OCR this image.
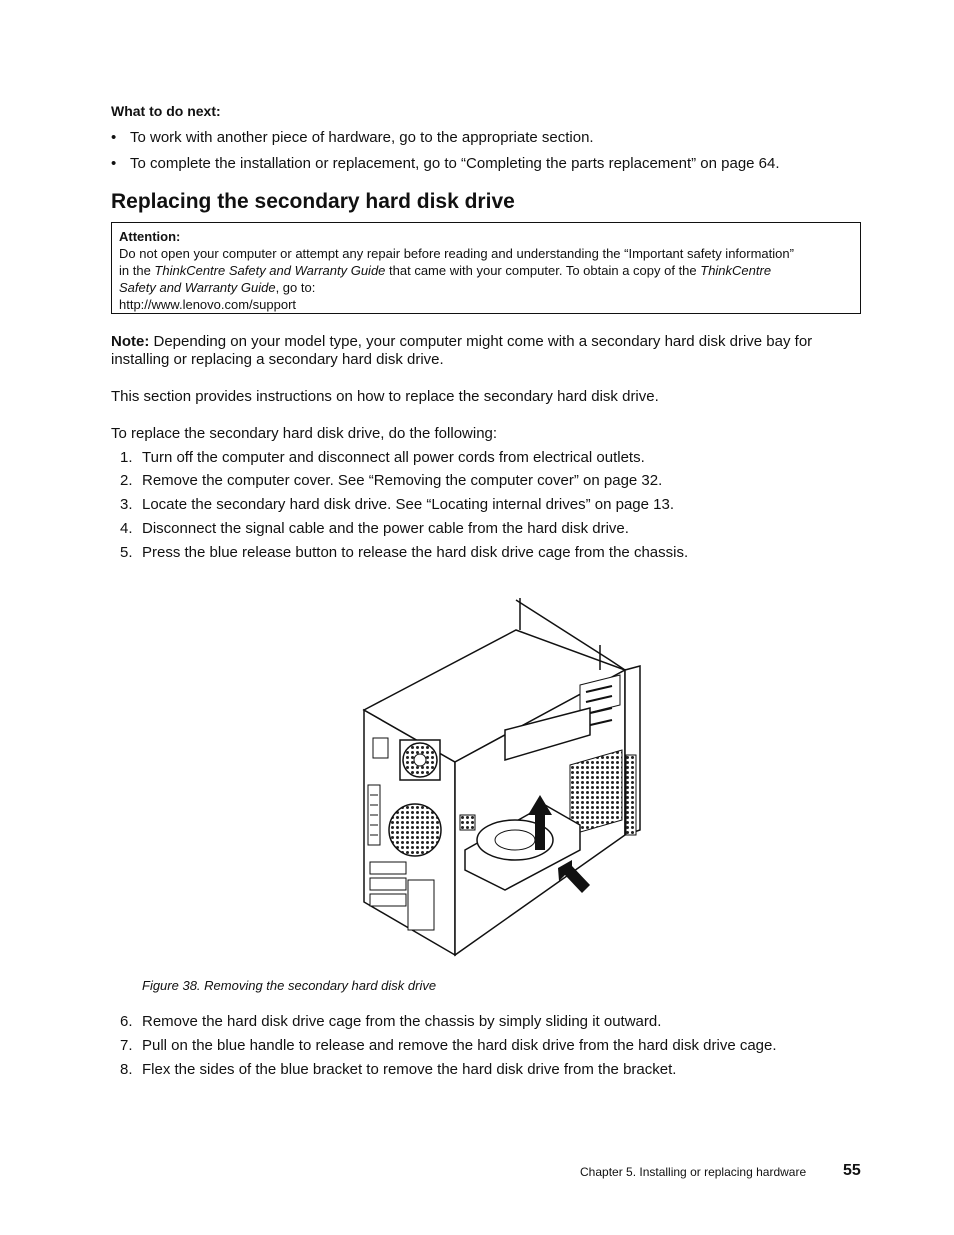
What to do next:
• To work with another piece of hardware, go to the appropriate section.
• To complete the installation or replacement, go to “Completing the parts replacement” on page 64.
Replacing the secondary hard disk drive
Attention:
Do not open your computer or attempt any repair before reading and understanding the “Important safety information”
in the ThinkCentre Safety and Warranty Guide that came with your computer. To obtain a copy of the ThinkCentre
Safety and Warranty Guide, go to:
http://www.lenovo.com/support
Note: Depending on your model type, your computer might come with a secondary hard disk drive bay for installing or replacing a secondary hard disk drive.
This section provides instructions on how to replace the secondary hard disk drive.
To replace the secondary hard disk drive, do the following:
1. Turn off the computer and disconnect all power cords from electrical outlets.
2. Remove the computer cover. See “Removing the computer cover” on page 32.
3. Locate the secondary hard disk drive. See “Locating internal drives” on page 13.
4. Disconnect the signal cable and the power cable from the hard disk drive.
5. Press the blue release button to release the hard disk drive cage from the chassis.
Figure 38. Removing the secondary hard disk drive
6. Remove the hard disk drive cage from the chassis by simply sliding it outward.
7. Pull on the blue handle to release and remove the hard disk drive from the hard disk drive cage.
8. Flex the sides of the blue bracket to remove the hard disk drive from the bracket.
Chapter 5. Installing or replacing hardware 55
